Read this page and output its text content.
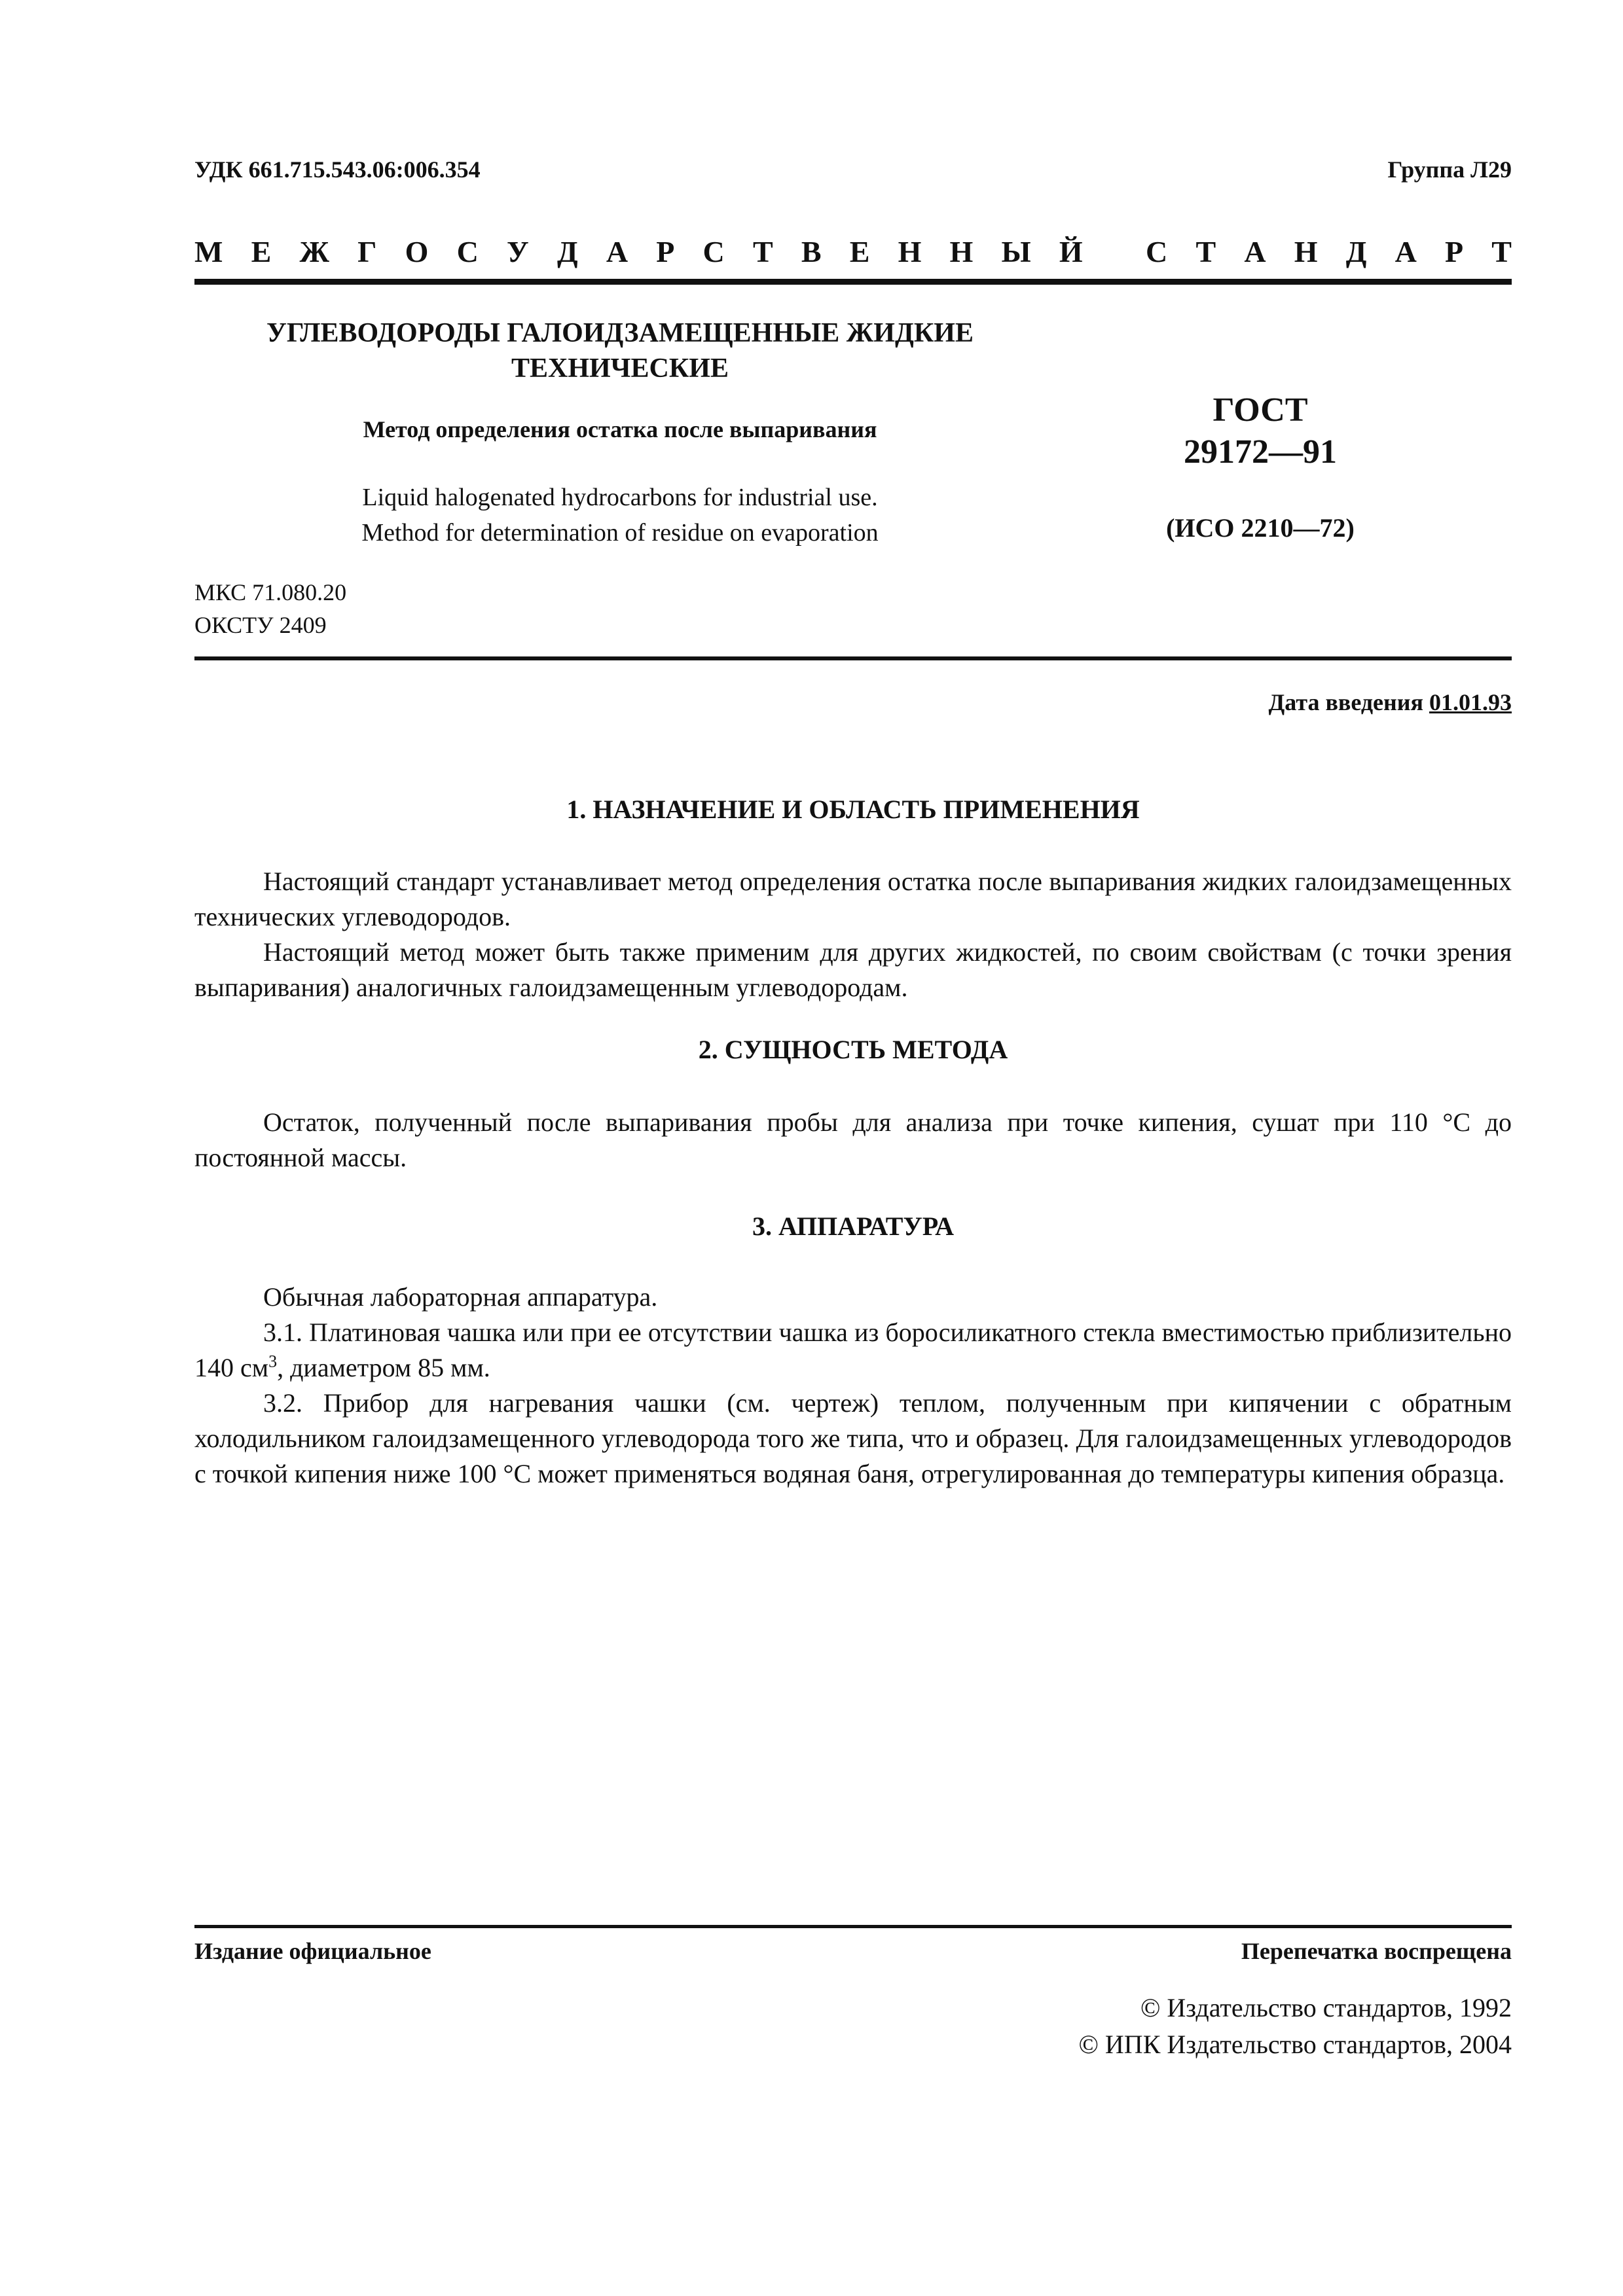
УДК 661.715.543.06:006.354	Группа Л29
М Е Ж Г О С У Д А Р С Т В Е Н Н Ы Й С Т А Н Д А Р Т
УГЛЕВОДОРОДЫ ГАЛОИДЗАМЕЩЕННЫЕ ЖИДКИЕ
ТЕХНИЧЕСКИЕ
Метод определения остатка после выпаривания
Liquid halogenated hydrocarbons for industrial use.
Method for determination of residue on evaporation
ГОСТ
29172—91
(ИСО 2210—72)
МКС 71.080.20
ОКСТУ 2409
Дата введения 01.01.93
1. НАЗНАЧЕНИЕ И ОБЛАСТЬ ПРИМЕНЕНИЯ

Настоящий стандарт устанавливает метод определения остатка после выпаривания жидких галоидзамещенных технических углеводородов.

Настоящий метод может быть также применим для других жидкостей, по своим свойствам (с точки зрения выпаривания) аналогичных галоидзамещенным углеводородам.

2. СУЩНОСТЬ МЕТОДА

Остаток, полученный после выпаривания пробы для анализа при точке кипения, сушат при 110 °С до постоянной массы.

3. АППАРАТУРА

Обычная лабораторная аппаратура.

3.1. Платиновая чашка или при ее отсутствии чашка из боросиликатного стекла вместимостью приблизительно 140 $см^3$, диаметром 85 мм.

3.2. Прибор для нагревания чашки (см. чертеж) теплом, полученным при кипячении с обратным холодильником галоидзамещенного углеводорода того же типа, что и образец. Для галоидзамещенных углеводородов с точкой кипения ниже 100 °С может применяться водяная баня, отрегулированная до температуры кипения образца.

Издание официальное	Перепечатка воспрещена
© Издательство стандартов, 1992
© ИПК Издательство стандартов, 2004
